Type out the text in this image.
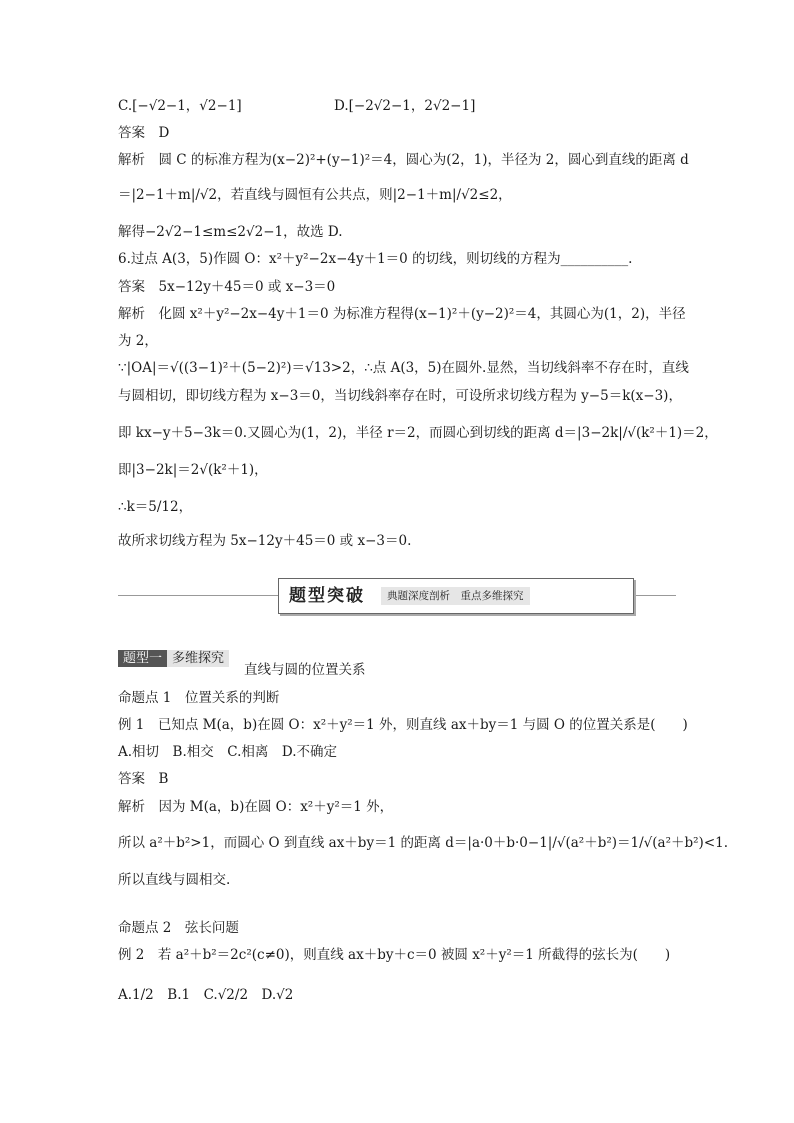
C.[−√2−1，√2−1]	D.[−2√2−1，2√2−1]
答案　D
解析　圆 C 的标准方程为(x−2)²+(y−1)²＝4，圆心为(2，1)，半径为 2，圆心到直线的距离 d
＝|2−1＋m|/√2，若直线与圆恒有公共点，则|2−1＋m|/√2≤2，
解得−2√2−1≤m≤2√2−1，故选 D.
6.过点 A(3，5)作圆 O：x²＋y²−2x−4y＋1＝0 的切线，则切线的方程为__________.
答案　5x−12y＋45＝0 或 x−3＝0
解析　化圆 x²＋y²−2x−4y＋1＝0 为标准方程得(x−1)²＋(y−2)²＝4，其圆心为(1，2)，半径
为 2，
∵|OA|＝√((3−1)²＋(5−2)²)＝√13>2，∴点 A(3，5)在圆外.显然，当切线斜率不存在时，直线
与圆相切，即切线方程为 x−3＝0，当切线斜率存在时，可设所求切线方程为 y−5＝k(x−3)，
即 kx−y＋5−3k＝0.又圆心为(1，2)，半径 r＝2，而圆心到切线的距离 d＝|3−2k|/√(k²＋1)＝2，
即|3−2k|＝2√(k²＋1)，
∴k＝5/12，
故所求切线方程为 5x−12y＋45＝0 或 x−3＝0.
题型突破	典题深度剖析　重点多维探究
题型一 多维探究
直线与圆的位置关系
命题点 1　位置关系的判断
例 1　已知点 M(a，b)在圆 O：x²＋y²＝1 外，则直线 ax＋by＝1 与圆 O 的位置关系是(　　)
A.相切　B.相交　C.相离　D.不确定
答案　B
解析　因为 M(a，b)在圆 O：x²＋y²＝1 外，
所以 a²＋b²>1，而圆心 O 到直线 ax＋by＝1 的距离 d＝|a·0＋b·0−1|/√(a²＋b²)＝1/√(a²＋b²)<1.
所以直线与圆相交.
命题点 2　弦长问题
例 2　若 a²＋b²＝2c²(c≠0)，则直线 ax＋by＋c＝0 被圆 x²＋y²＝1 所截得的弦长为(　　)
A.1/2　B.1　C.√2/2　D.√2
